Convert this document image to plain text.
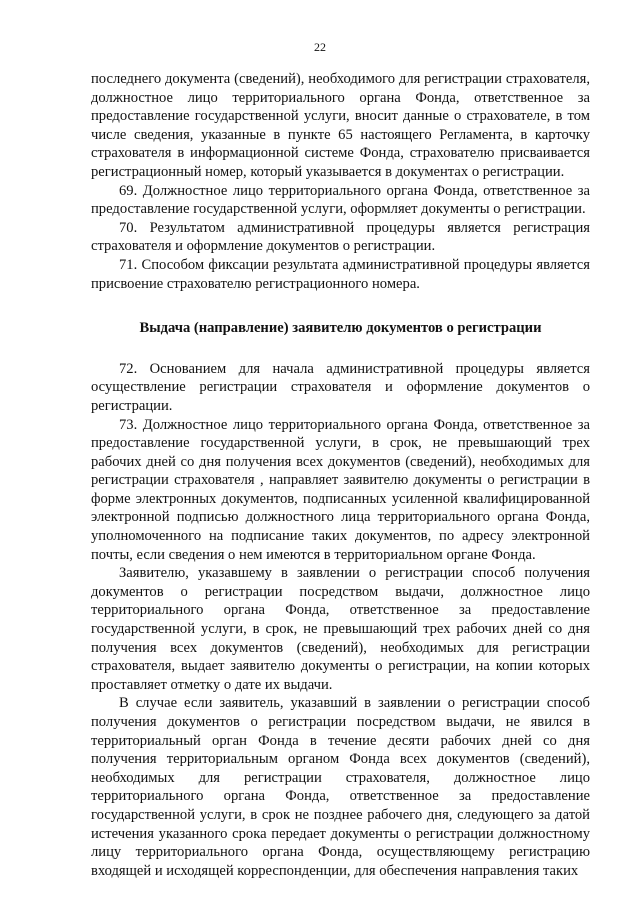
22

последнего документа (сведений), необходимого для регистрации страхователя, должностное лицо территориального органа Фонда, ответственное за предоставление государственной услуги, вносит данные о страхователе, в том числе сведения, указанные в пункте 65 настоящего Регламента, в карточку страхователя в информационной системе Фонда, страхователю присваивается регистрационный номер, который указывается в документах о регистрации.

69. Должностное лицо территориального органа Фонда, ответственное за предоставление государственной услуги, оформляет документы о регистрации.

70. Результатом административной процедуры является регистрация страхователя и оформление документов о регистрации.

71. Способом фиксации результата административной процедуры является присвоение страхователю регистрационного номера.

Выдача (направление) заявителю документов о регистрации

72. Основанием для начала административной процедуры является осуществление регистрации страхователя и оформление документов о регистрации.

73. Должностное лицо территориального органа Фонда, ответственное за предоставление государственной услуги, в срок, не превышающий трех рабочих дней со дня получения всех документов (сведений), необходимых для регистрации страхователя , направляет заявителю документы о регистрации в форме электронных документов, подписанных усиленной квалифицированной электронной подписью должностного лица территориального органа Фонда, уполномоченного на подписание таких документов, по адресу электронной почты, если сведения о нем имеются в территориальном органе Фонда.

Заявителю, указавшему в заявлении о регистрации способ получения документов о регистрации посредством выдачи, должностное лицо территориального органа Фонда, ответственное за предоставление государственной услуги, в срок, не превышающий трех рабочих дней со дня получения всех документов (сведений), необходимых для регистрации страхователя, выдает заявителю документы о регистрации, на копии которых проставляет отметку о дате их выдачи.

В случае если заявитель, указавший в заявлении о регистрации способ получения документов о регистрации посредством выдачи, не явился в территориальный орган Фонда в течение десяти рабочих дней со дня получения территориальным органом Фонда всех документов (сведений), необходимых для регистрации страхователя, должностное лицо территориального органа Фонда, ответственное за предоставление государственной услуги, в срок не позднее рабочего дня, следующего за датой истечения указанного срока передает документы о регистрации должностному лицу территориального органа Фонда, осуществляющему регистрацию входящей и исходящей корреспонденции, для обеспечения направления таких
